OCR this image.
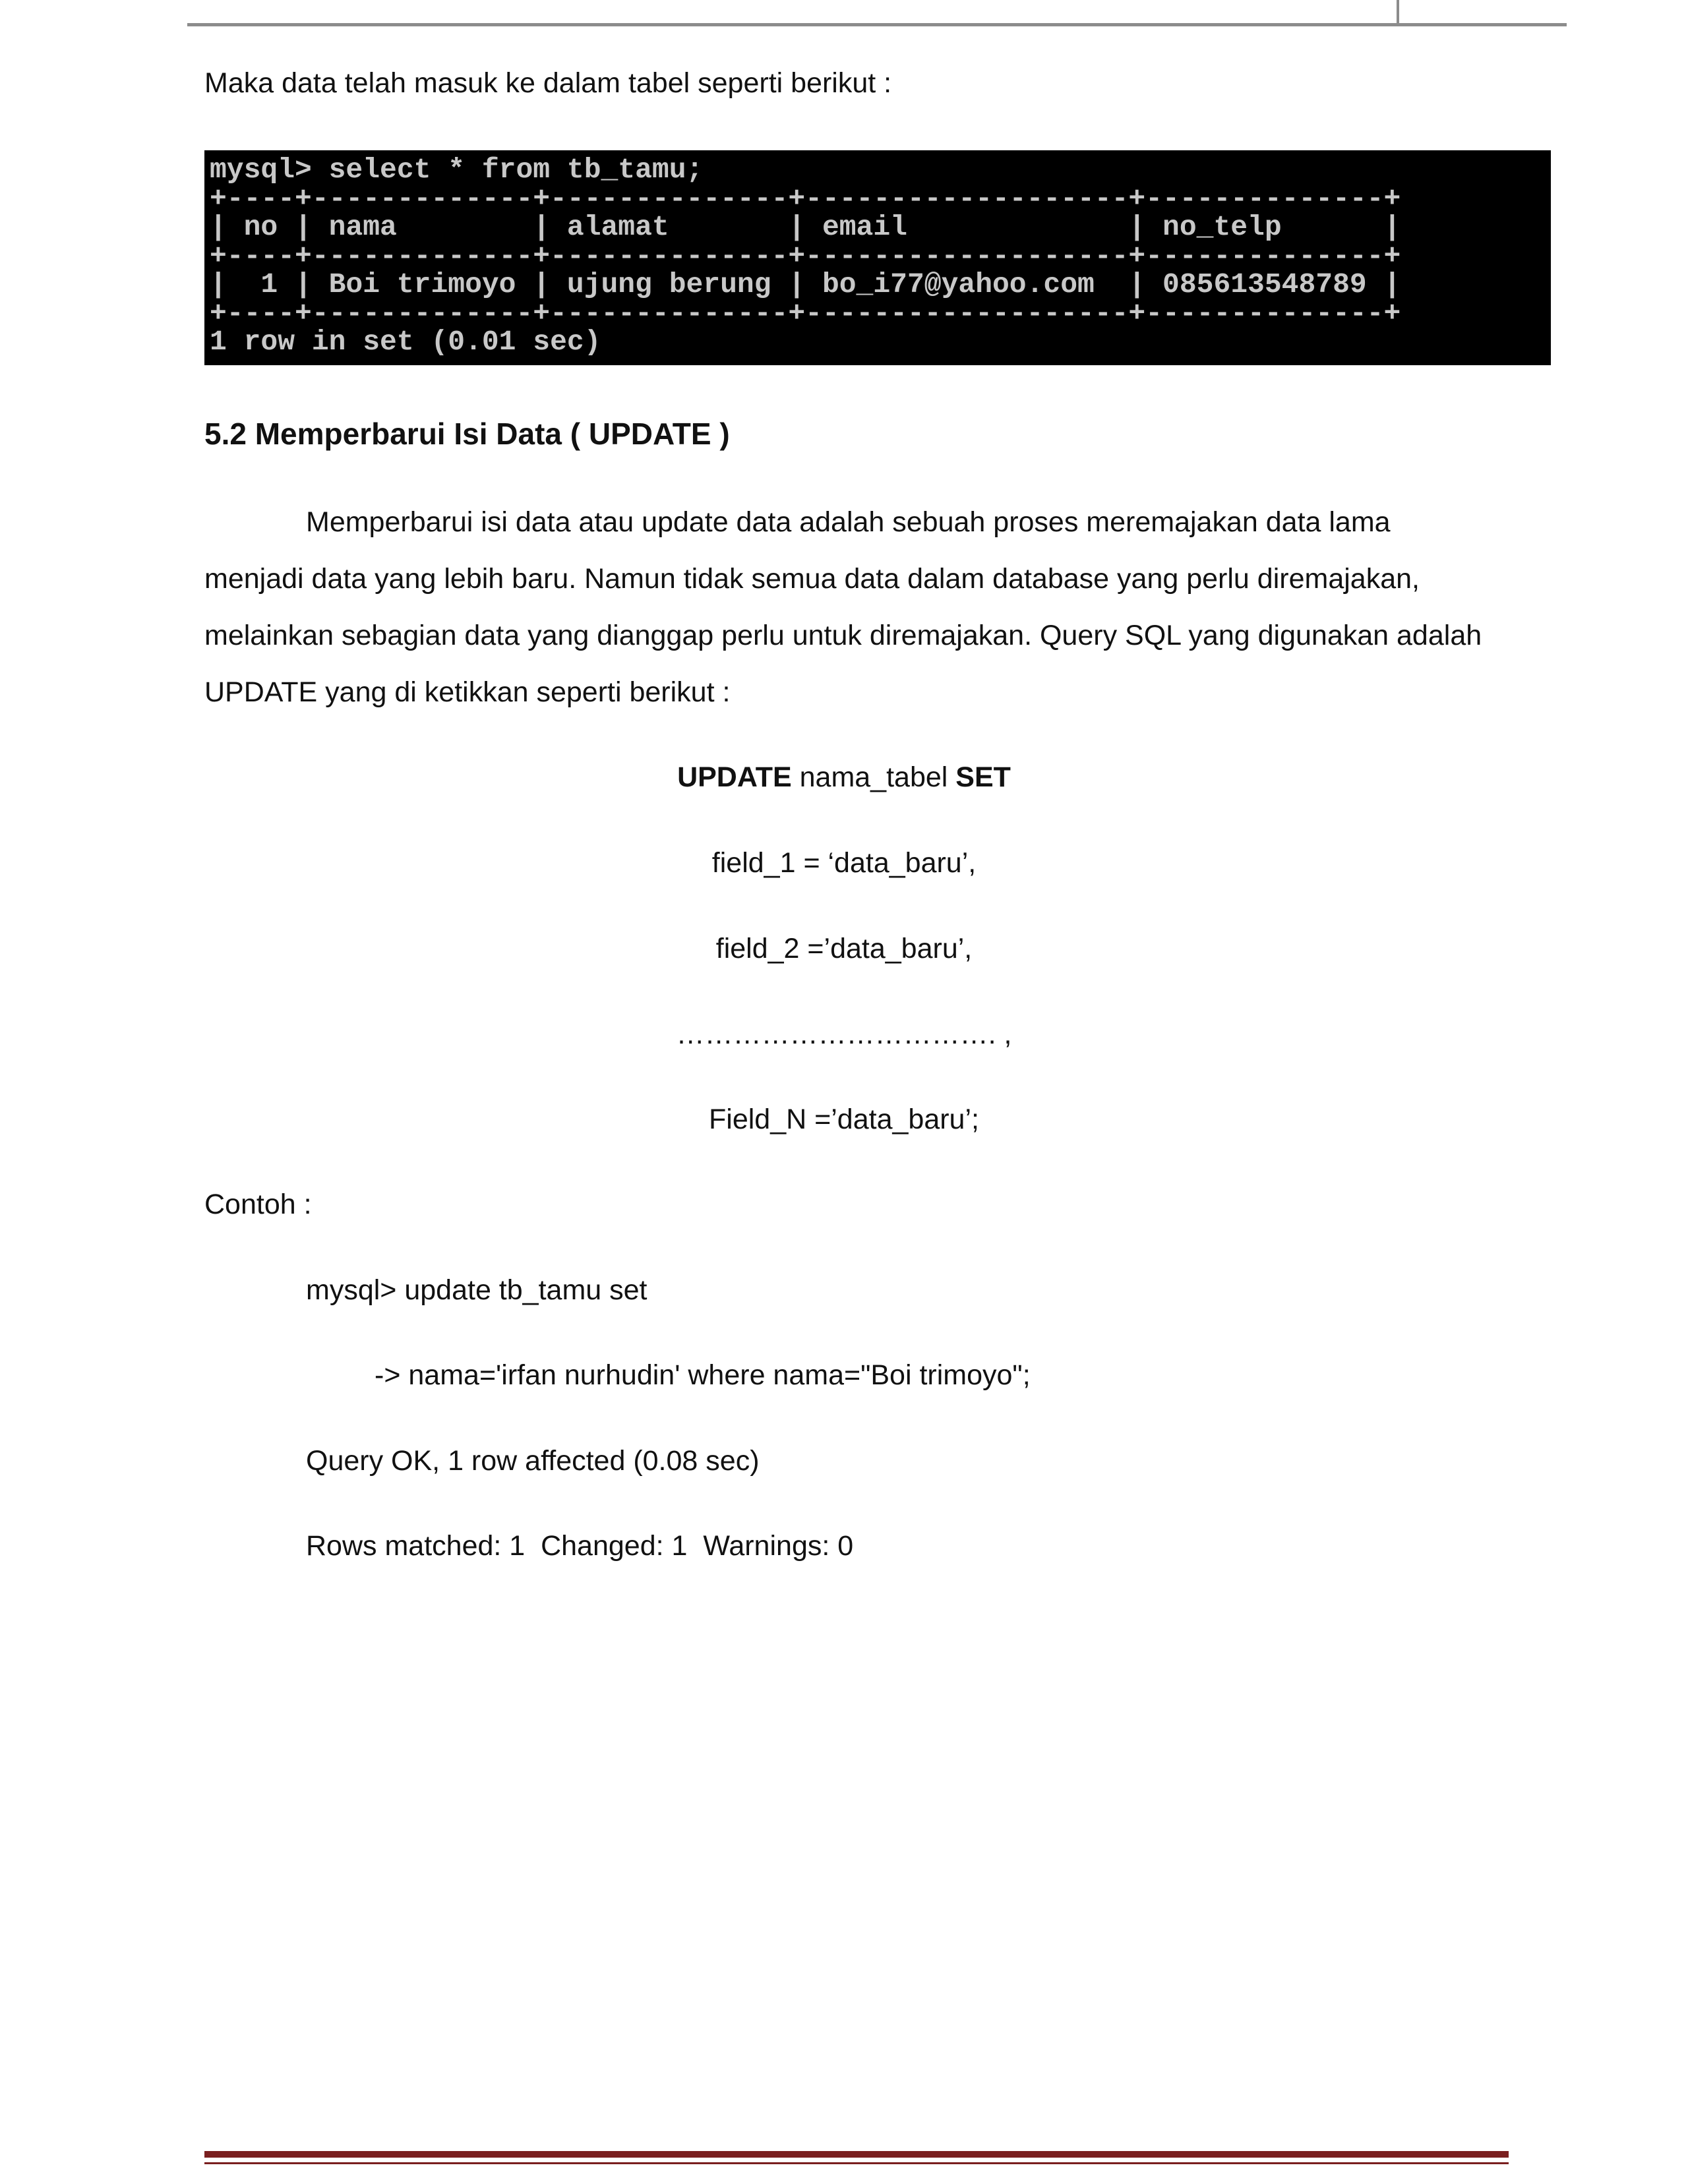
Maka data telah masuk ke dalam tabel seperti berikut :
mysql> select * from tb_tamu;
+----+-------------+--------------+-------------------+--------------+
| no | nama        | alamat       | email             | no_telp      |
+----+-------------+--------------+-------------------+--------------+
|  1 | Boi trimoyo | ujung berung | bo_i77@yahoo.com  | 085613548789 |
+----+-------------+--------------+-------------------+--------------+
1 row in set (0.01 sec)
5.2 Memperbarui Isi Data ( UPDATE )
Memperbarui isi data atau update data adalah sebuah proses meremajakan data lama
menjadi data yang lebih baru. Namun tidak semua data dalam database yang perlu diremajakan,
melainkan sebagian data yang dianggap perlu untuk diremajakan. Query SQL yang digunakan adalah
UPDATE yang di ketikkan seperti berikut :
UPDATE nama_tabel SET
field_1 = ‘data_baru’,
field_2 =’data_baru’,
……………………………. ,
Field_N =’data_baru’;
Contoh :
mysql> update tb_tamu set
-> nama='irfan nurhudin' where nama="Boi trimoyo";
Query OK, 1 row affected (0.08 sec)
Rows matched: 1  Changed: 1  Warnings: 0
